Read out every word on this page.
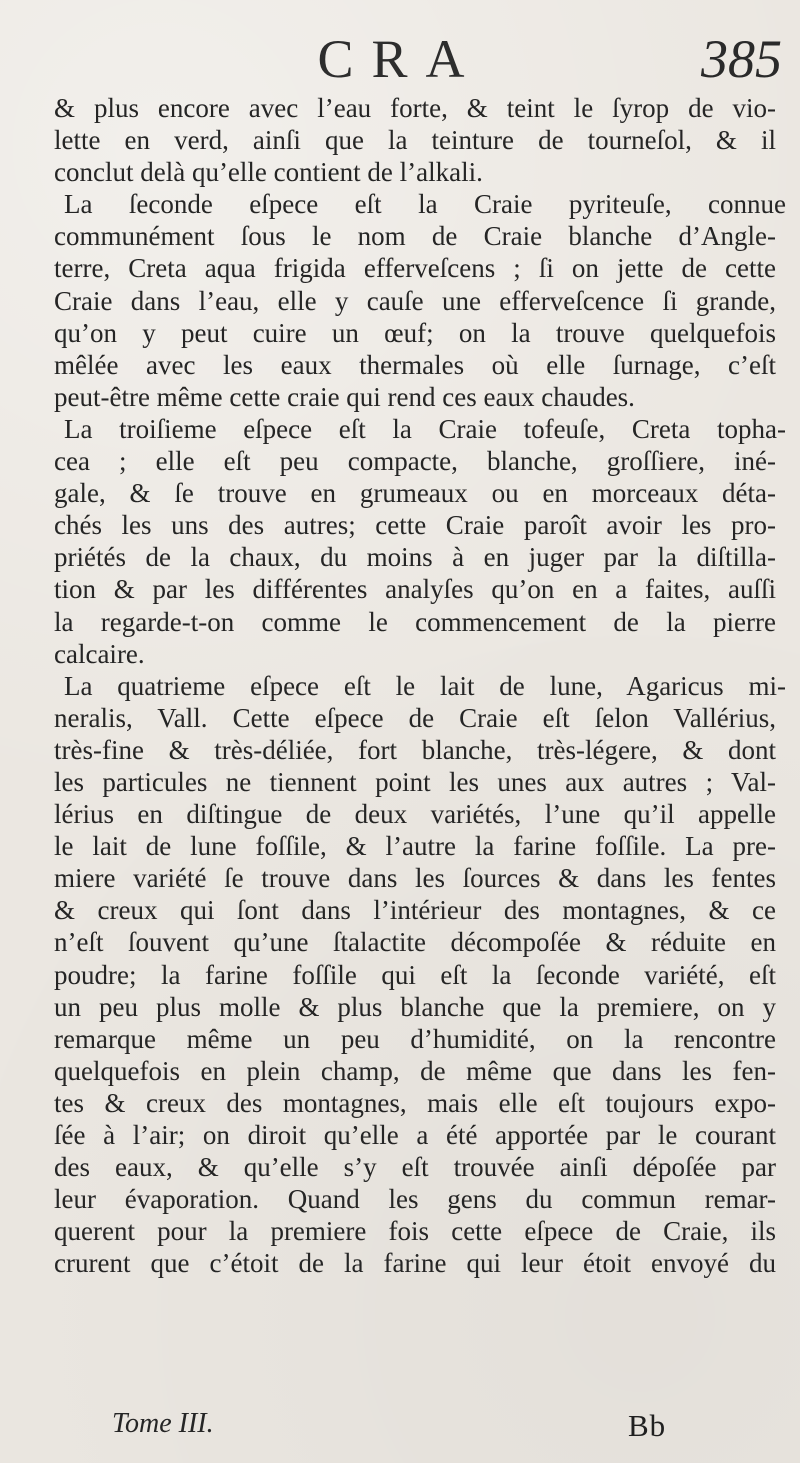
CRA	385
& plus encore avec l’eau forte, & teint le ſyrop de vio-
lette en verd, ainſi que la teinture de tourneſol, & il
conclut delà qu’elle contient de l’alkali.
La ſeconde eſpece eſt la Craie pyriteuſe, connue
communément ſous le nom de Craie blanche d’Angle-
terre, Creta aqua frigida efferveſcens ; ſi on jette de cette
Craie dans l’eau, elle y cauſe une efferveſcence ſi grande,
qu’on y peut cuire un œuf; on la trouve quelquefois
mêlée avec les eaux thermales où elle ſurnage, c’eſt
peut-être même cette craie qui rend ces eaux chaudes.
La troiſieme eſpece eſt la Craie tofeuſe, Creta topha-
cea ; elle eſt peu compacte, blanche, groſſiere, iné-
gale, & ſe trouve en grumeaux ou en morceaux déta-
chés les uns des autres; cette Craie paroît avoir les pro-
priétés de la chaux, du moins à en juger par la diſtilla-
tion & par les différentes analyſes qu’on en a faites, auſſi
la regarde-t-on comme le commencement de la pierre
calcaire.
La quatrieme eſpece eſt le lait de lune, Agaricus mi-
neralis, Vall. Cette eſpece de Craie eſt ſelon Vallérius,
très-fine & très-déliée, fort blanche, très-légere, & dont
les particules ne tiennent point les unes aux autres ; Val-
lérius en diſtingue de deux variétés, l’une qu’il appelle
le lait de lune foſſile, & l’autre la farine foſſile. La pre-
miere variété ſe trouve dans les ſources & dans les fentes
& creux qui ſont dans l’intérieur des montagnes, & ce
n’eſt ſouvent qu’une ſtalactite décompoſée & réduite en
poudre; la farine foſſile qui eſt la ſeconde variété, eſt
un peu plus molle & plus blanche que la premiere, on y
remarque même un peu d’humidité, on la rencontre
quelquefois en plein champ, de même que dans les fen-
tes & creux des montagnes, mais elle eſt toujours expo-
ſée à l’air; on diroit qu’elle a été apportée par le courant
des eaux, & qu’elle s’y eſt trouvée ainſi dépoſée par
leur évaporation. Quand les gens du commun remar-
querent pour la premiere fois cette eſpece de Craie, ils
crurent que c’étoit de la farine qui leur étoit envoyé du
Tome III.	Bb
